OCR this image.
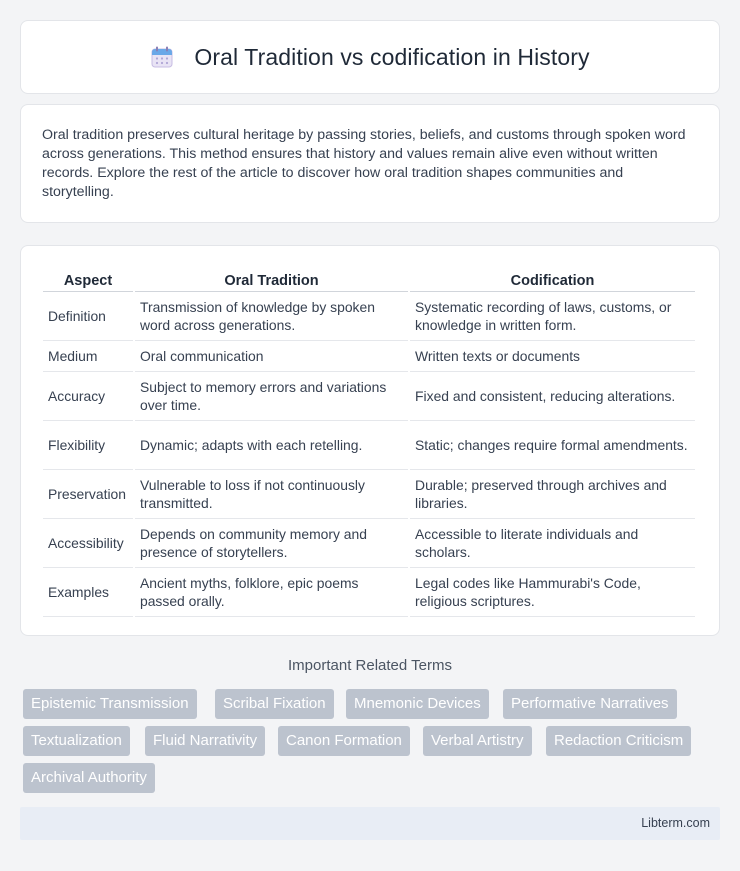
Oral Tradition vs codification in History

Oral tradition preserves cultural heritage by passing stories, beliefs, and customs through spoken word across generations. This method ensures that history and values remain alive even without written records. Explore the rest of the article to discover how oral tradition shapes communities and storytelling.

Aspect	Oral Tradition	Codification
Definition	Transmission of knowledge by spoken word across generations.	Systematic recording of laws, customs, or knowledge in written form.
Medium	Oral communication	Written texts or documents
Accuracy	Subject to memory errors and variations over time.	Fixed and consistent, reducing alterations.
Flexibility	Dynamic; adapts with each retelling.	Static; changes require formal amendments.
Preservation	Vulnerable to loss if not continuously transmitted.	Durable; preserved through archives and libraries.
Accessibility	Depends on community memory and presence of storytellers.	Accessible to literate individuals and scholars.
Examples	Ancient myths, folklore, epic poems passed orally.	Legal codes like Hammurabi's Code, religious scriptures.
Important Related Terms
Epistemic Transmission	Scribal Fixation	Mnemonic Devices	Performative Narratives
Textualization	Fluid Narrativity	Canon Formation	Verbal Artistry	Redaction Criticism
Archival Authority
Libterm.com
